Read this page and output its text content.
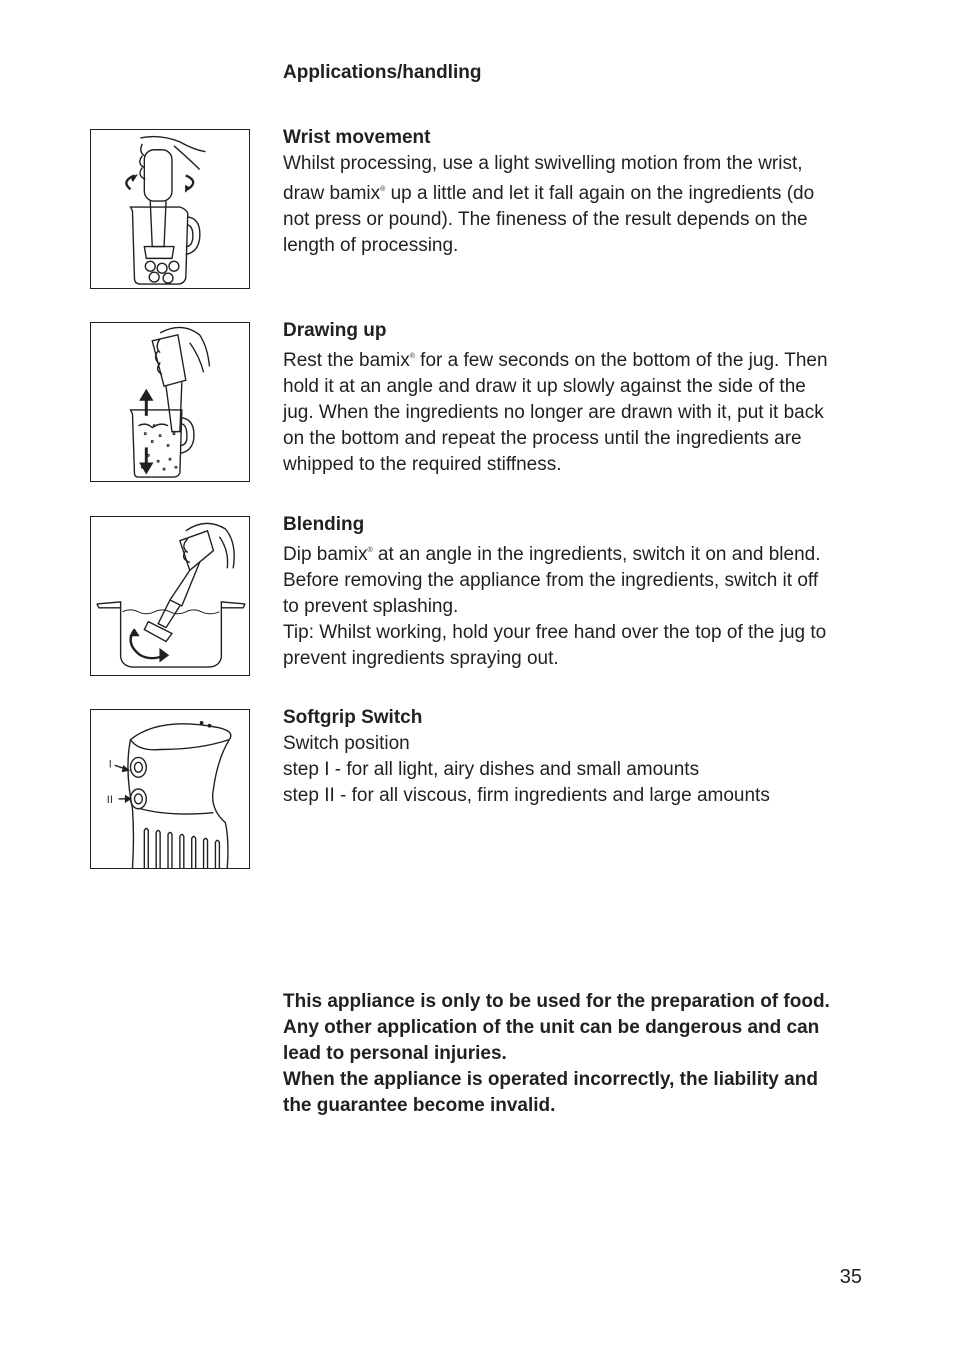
Applications/handling
Wrist movement
Whilst processing, use a light swivelling motion from the wrist,
draw bamix® up a little and let it fall again on the ingredients (do
not press or pound). The fineness of the result depends on the
length of processing.
Drawing up
Rest the bamix® for a few seconds on the bottom of the jug. Then
hold it at an angle and draw it up slowly against the side of the
jug. When the ingredients no longer are drawn with it, put it back
on the bottom and repeat the process until the ingredients are
whipped to the required stiffness.
Blending
Dip bamix® at an angle in the ingredients, switch it on and blend.
Before removing the appliance from the ingredients, switch it off
to prevent splashing.
Tip: Whilst working, hold your free hand over the top of the jug to
prevent ingredients spraying out.
I
II
Softgrip Switch
Switch position
step I - for all light, airy dishes and small amounts
step II - for all viscous, firm ingredients and large amounts
This appliance is only to be used for the preparation of food.
Any other application of the unit can be dangerous and can
lead to personal injuries.
When the appliance is operated incorrectly, the liability and
the guarantee become invalid.
35
